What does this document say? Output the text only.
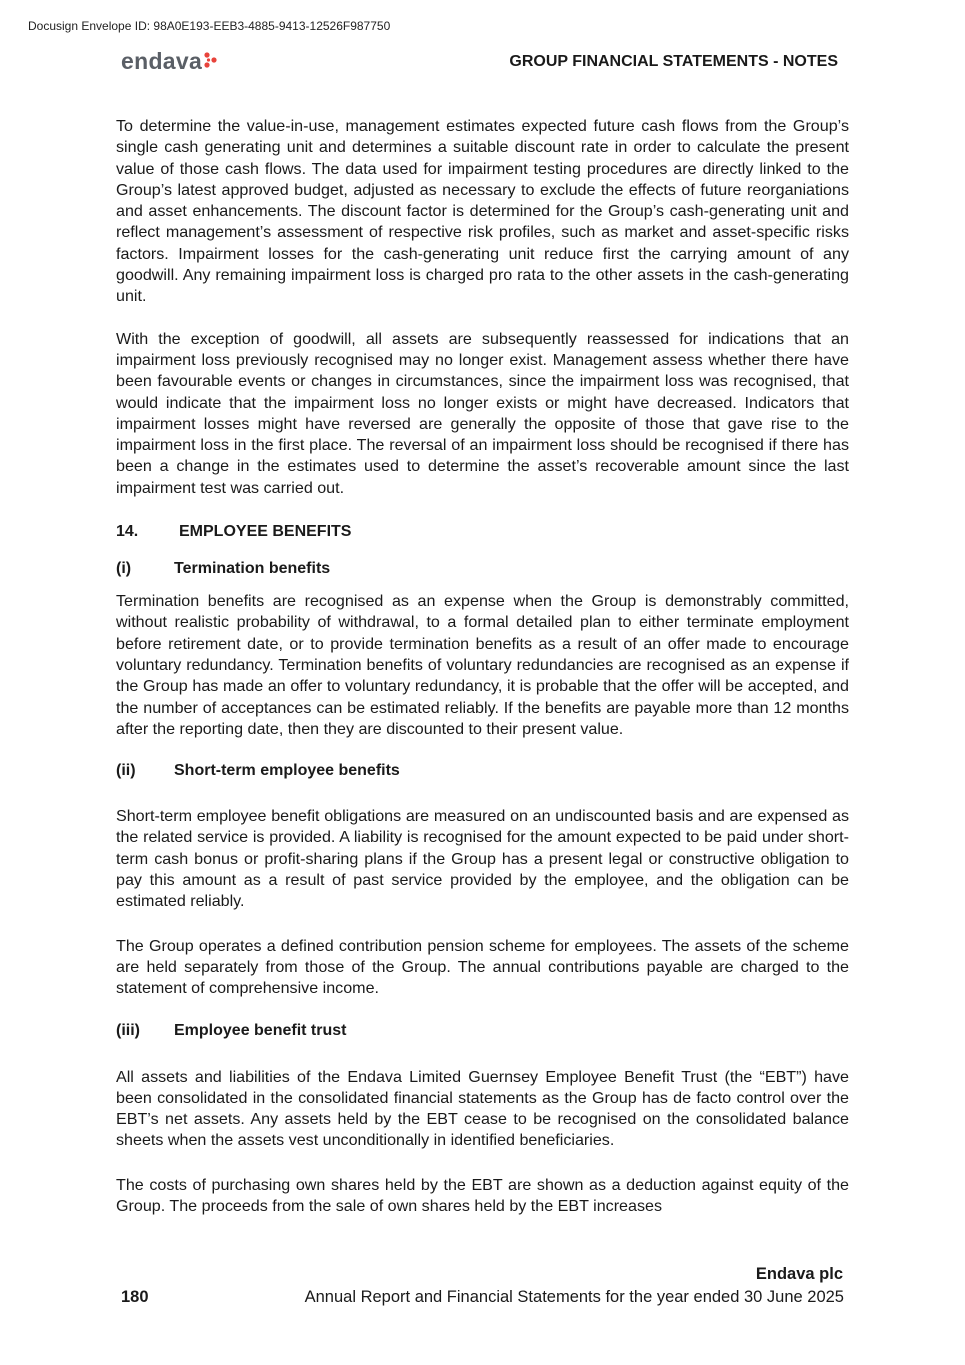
Docusign Envelope ID: 98A0E193-EEB3-4885-9413-12526F987750
endava	GROUP FINANCIAL STATEMENTS - NOTES

To determine the value-in-use, management estimates expected future cash flows from the Group’s single cash generating unit and determines a suitable discount rate in order to calculate the present value of those cash flows. The data used for impairment testing procedures are directly linked to the Group’s latest approved budget, adjusted as necessary to exclude the effects of future reorganiations and asset enhancements. The discount factor is determined for the Group’s cash-generating unit and reflect management’s assessment of respective risk profiles, such as market and asset-specific risks factors. Impairment losses for the cash-generating unit reduce first the carrying amount of any goodwill. Any remaining impairment loss is charged pro rata to the other assets in the cash-generating unit.

With the exception of goodwill, all assets are subsequently reassessed for indications that an impairment loss previously recognised may no longer exist. Management assess whether there have been favourable events or changes in circumstances, since the impairment loss was recognised, that would indicate that the impairment loss no longer exists or might have decreased. Indicators that impairment losses might have reversed are generally the opposite of those that gave rise to the impairment loss in the first place. The reversal of an impairment loss should be recognised if there has been a change in the estimates used to determine the asset’s recoverable amount since the last impairment test was carried out.

14.	EMPLOYEE BENEFITS
(i)	Termination benefits

Termination benefits are recognised as an expense when the Group is demonstrably committed, without realistic probability of withdrawal, to a formal detailed plan to either terminate employment before retirement date, or to provide termination benefits as a result of an offer made to encourage voluntary redundancy. Termination benefits of voluntary redundancies are recognised as an expense if the Group has made an offer to voluntary redundancy, it is probable that the offer will be accepted, and the number of acceptances can be estimated reliably. If the benefits are payable more than 12 months after the reporting date, then they are discounted to their present value.

(ii)	Short-term employee benefits

Short-term employee benefit obligations are measured on an undiscounted basis and are expensed as the related service is provided. A liability is recognised for the amount expected to be paid under short-term cash bonus or profit-sharing plans if the Group has a present legal or constructive obligation to pay this amount as a result of past service provided by the employee, and the obligation can be estimated reliably.

The Group operates a defined contribution pension scheme for employees. The assets of the scheme are held separately from those of the Group. The annual contributions payable are charged to the statement of comprehensive income.

(iii)	Employee benefit trust

All assets and liabilities of the Endava Limited Guernsey Employee Benefit Trust (the “EBT”) have been consolidated in the consolidated financial statements as the Group has de facto control over the EBT’s net assets. Any assets held by the EBT cease to be recognised on the consolidated balance sheets when the assets vest unconditionally in identified beneficiaries.

The costs of purchasing own shares held by the EBT are shown as a deduction against equity of the Group. The proceeds from the sale of own shares held by the EBT increases

Endava plc
180	Annual Report and Financial Statements for the year ended 30 June 2025
